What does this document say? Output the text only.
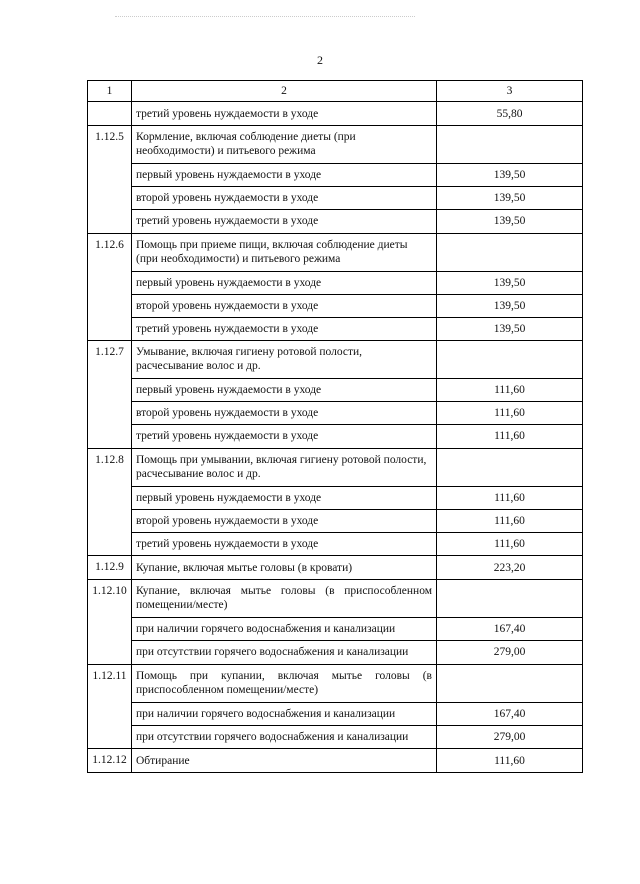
2
1	2	3
	третий уровень нуждаемости в уходе	55,80
1.12.5	Кормление, включая соблюдение диеты (при необходимости) и питьевого режима	
	первый уровень нуждаемости в уходе	139,50
	второй уровень нуждаемости в уходе	139,50
	третий уровень нуждаемости в уходе	139,50
1.12.6	Помощь при приеме пищи, включая соблюдение диеты (при необходимости) и питьевого режима	
	первый уровень нуждаемости в уходе	139,50
	второй уровень нуждаемости в уходе	139,50
	третий уровень нуждаемости в уходе	139,50
1.12.7	Умывание, включая гигиену ротовой полости, расчесывание волос и др.	
	первый уровень нуждаемости в уходе	111,60
	второй уровень нуждаемости в уходе	111,60
	третий уровень нуждаемости в уходе	111,60
1.12.8	Помощь при умывании, включая гигиену ротовой полости, расчесывание волос и др.	
	первый уровень нуждаемости в уходе	111,60
	второй уровень нуждаемости в уходе	111,60
	третий уровень нуждаемости в уходе	111,60
1.12.9	Купание, включая мытье головы (в кровати)	223,20
1.12.10	Купание, включая мытье головы (в приспособленном помещении/месте)	
	при наличии горячего водоснабжения и канализации	167,40
	при отсутствии горячего водоснабжения и канализации	279,00
1.12.11	Помощь при купании, включая мытье головы (в приспособленном помещении/месте)	
	при наличии горячего водоснабжения и канализации	167,40
	при отсутствии горячего водоснабжения и канализации	279,00
1.12.12	Обтирание	111,60
